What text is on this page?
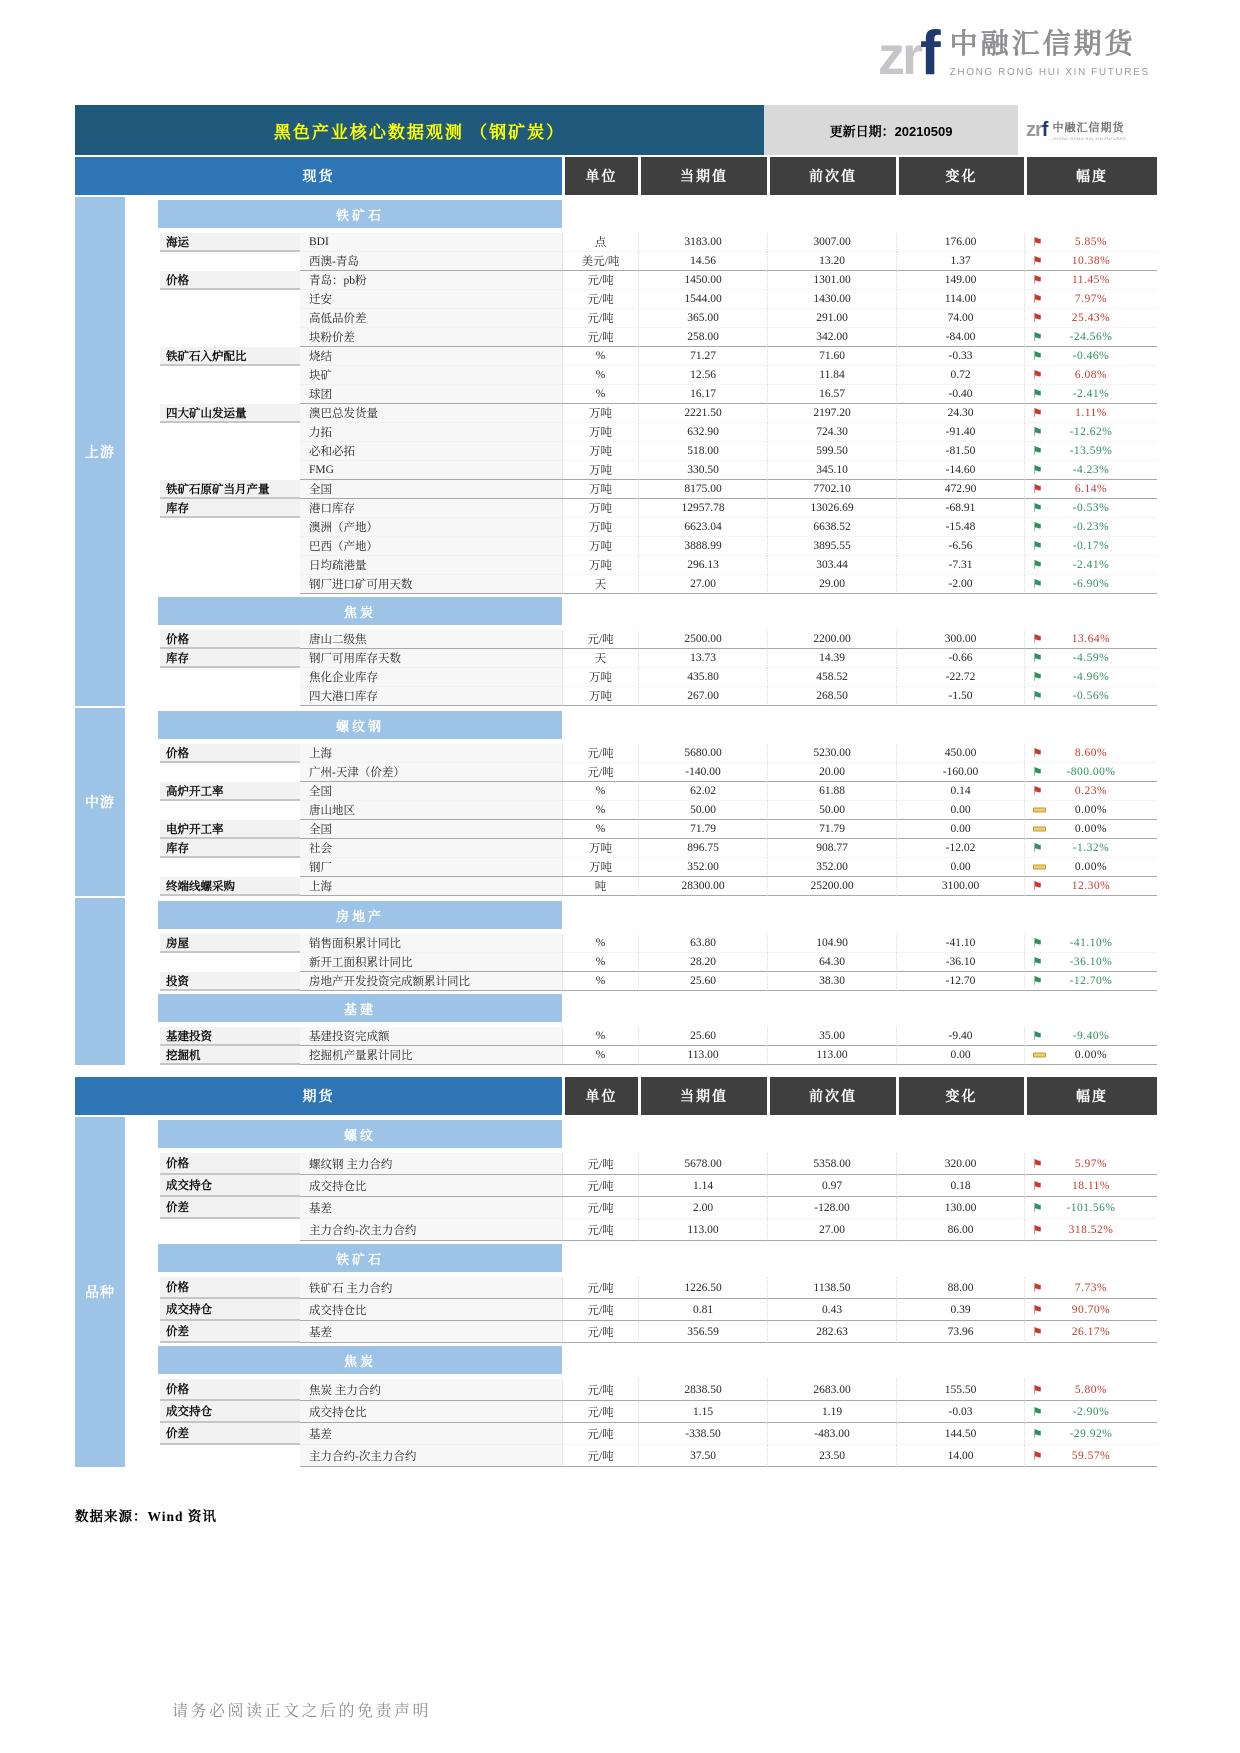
zrf 中融汇信期货
ZHONG RONG HUI XIN FUTURES
黑色产业核心数据观测 （钢矿炭）	更新日期：20210509	zrf 中融汇信期货
ZHONG RONG HUI XIN FUTURES
现货	单位	当期值	前次值	变化	幅度
上游
铁矿石
海运	BDI	点	3183.00	3007.00	176.00	⚑	5.85%
西澳-青岛	美元/吨	14.56	13.20	1.37	⚑	10.38%
价格	青岛：pb粉	元/吨	1450.00	1301.00	149.00	⚑	11.45%
迁安	元/吨	1544.00	1430.00	114.00	⚑	7.97%
高低品价差	元/吨	365.00	291.00	74.00	⚑	25.43%
块粉价差	元/吨	258.00	342.00	-84.00	⚑ -24.56%
铁矿石入炉配比	烧结	%	71.27	71.60	-0.33	⚑	-0.46%
块矿	%	12.56	11.84	0.72	⚑	6.08%
球团	%	16.17	16.57	-0.40	⚑	-2.41%
四大矿山发运量	澳巴总发货量	万吨	2221.50	2197.20	24.30	⚑	1.11%
力拓	万吨	632.90	724.30	-91.40	⚑ -12.62%
必和必拓	万吨	518.00	599.50	-81.50	⚑ -13.59%
FMG	万吨	330.50	345.10	-14.60	⚑	-4.23%
铁矿石原矿当月产量	全国	万吨	8175.00	7702.10	472.90	⚑	6.14%
库存	港口库存	万吨	12957.78	13026.69	-68.91	⚑	-0.53%
澳洲（产地）	万吨	6623.04	6638.52	-15.48	⚑	-0.23%
巴西（产地）	万吨	3888.99	3895.55	-6.56	⚑	-0.17%
日均疏港量	万吨	296.13	303.44	-7.31	⚑	-2.41%
钢厂进口矿可用天数	天	27.00	29.00	-2.00	⚑	-6.90%
焦炭
价格	唐山二级焦	元/吨	2500.00	2200.00	300.00	⚑	13.64%
库存	钢厂可用库存天数	天	13.73	14.39	-0.66	⚑	-4.59%
焦化企业库存	万吨	435.80	458.52	-22.72	⚑	-4.96%
四大港口库存	万吨	267.00	268.50	-1.50	⚑	-0.56%
中游
螺纹钢
价格	上海	元/吨	5680.00	5230.00	450.00	⚑	8.60%
广州-天津（价差）	元/吨	-140.00	20.00	-160.00	⚑ -800.00%
高炉开工率	全国	%	62.02	61.88	0.14	⚑	0.23%
唐山地区	%	50.00	50.00	0.00	0.00%
电炉开工率	全国	%	71.79	71.79	0.00	0.00%
库存	社会	万吨	896.75	908.77	-12.02	⚑	-1.32%
钢厂	万吨	352.00	352.00	0.00	0.00%
终端线螺采购	上海	吨	28300.00	25200.00	3100.00	⚑	12.30%
房地产
房屋	销售面积累计同比	%	63.80	104.90	-41.10	⚑ -41.10%
新开工面积累计同比	%	28.20	64.30	-36.10	⚑ -36.10%
投资	房地产开发投资完成额累计同比	%	25.60	38.30	-12.70	⚑ -12.70%
基建
基建投资	基建投资完成额	%	25.60	35.00	-9.40	⚑	-9.40%
挖掘机	挖掘机产量累计同比	%	113.00	113.00	0.00	0.00%
期货	单位	当期值	前次值	变化	幅度
品种
螺纹
价格	螺纹钢 主力合约	元/吨	5678.00	5358.00	320.00	⚑	5.97%
成交持仓	成交持仓比	元/吨	1.14	0.97	0.18	⚑	18.11%
价差	基差	元/吨	2.00	-128.00	130.00	⚑ -101.56%
主力合约-次主力合约	元/吨	113.00	27.00	86.00	⚑ 318.52%
铁矿石
价格	铁矿石 主力合约	元/吨	1226.50	1138.50	88.00	⚑	7.73%
成交持仓	成交持仓比	元/吨	0.81	0.43	0.39	⚑	90.70%
价差	基差	元/吨	356.59	282.63	73.96	⚑	26.17%
焦炭
价格	焦炭 主力合约	元/吨	2838.50	2683.00	155.50	⚑	5.80%
成交持仓	成交持仓比	元/吨	1.15	1.19	-0.03	⚑	-2.90%
价差	基差	元/吨	-338.50	-483.00	144.50	⚑ -29.92%
主力合约-次主力合约	元/吨	37.50	23.50	14.00	⚑	59.57%
数据来源：Wind 资讯
请务必阅读正文之后的免责声明
